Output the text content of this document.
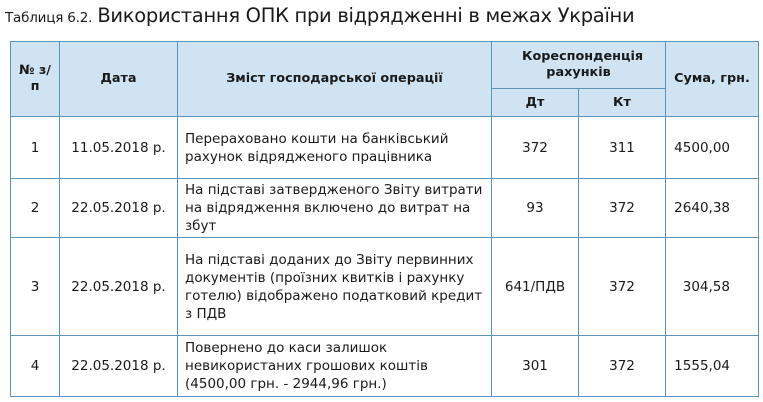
Таблиця 6.2. Використання ОПК при відрядженні в межах України
№ з/п	Дата	Зміст господарської операції	Кореспонденція рахунків		Сума, грн.
			Дт	Кт	
1	11.05.2018 р.	Перераховано кошти на банківський рахунок відрядженого працівника	372	311	4500,00
2	22.05.2018 р.	На підставі затвердженого Звіту витрати на відрядження включено до витрат на збут	93	372	2640,38
3	22.05.2018 р.	На підставі доданих до Звіту первинних документів (проїзних квитків і рахунку готелю) відображено податковий кредит з ПДВ	641/ПДВ	372	304,58
4	22.05.2018 р.	Повернено до каси залишок невикористаних грошових коштів (4500,00 грн. - 2944,96 грн.)	301	372	1555,04
